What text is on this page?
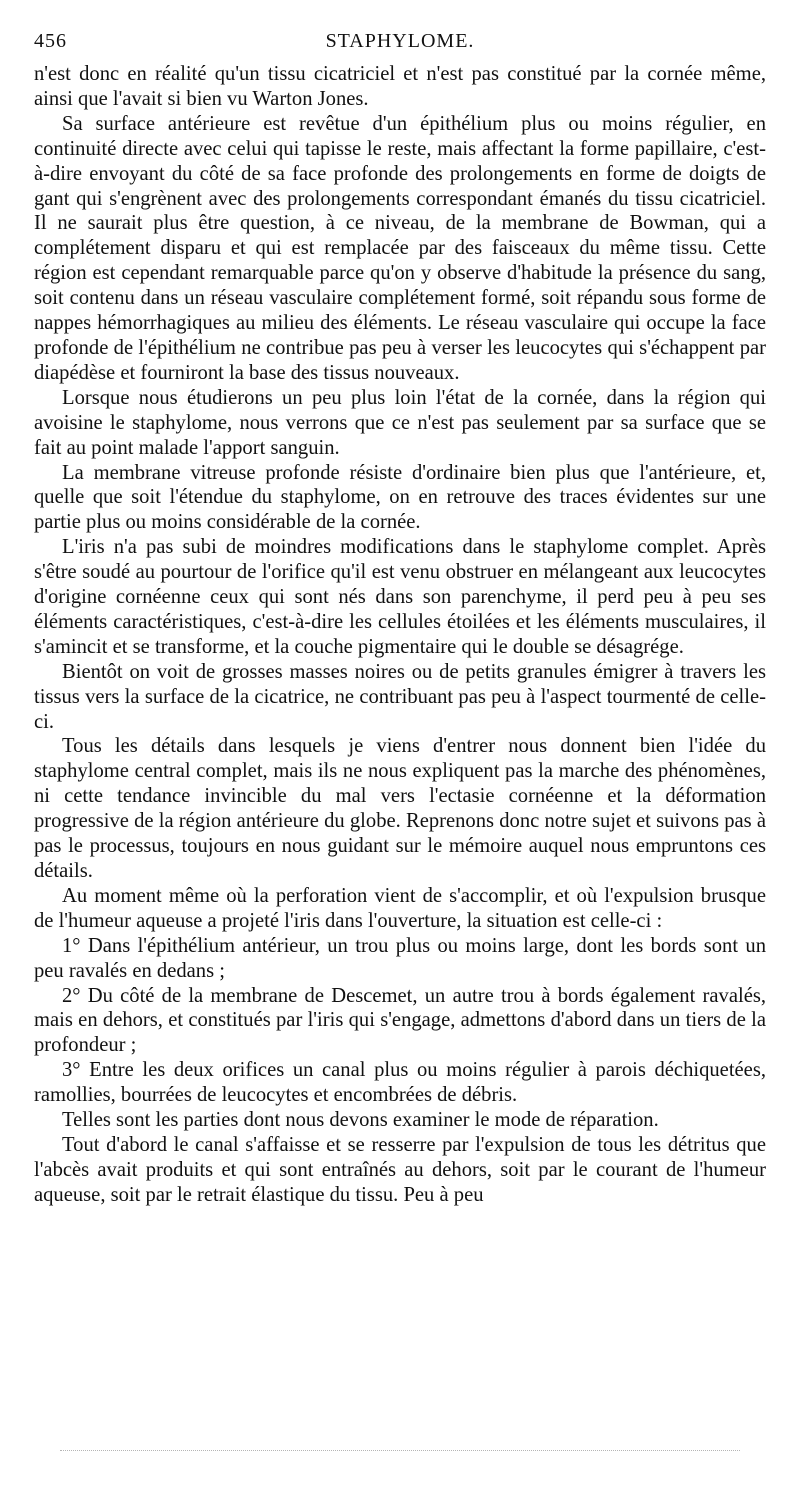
456	STAPHYLOME.

n'est donc en réalité qu'un tissu cicatriciel et n'est pas constitué par la cornée même, ainsi que l'avait si bien vu Warton Jones.

Sa surface antérieure est revêtue d'un épithélium plus ou moins régulier, en continuité directe avec celui qui tapisse le reste, mais affectant la forme papillaire, c'est-à-dire envoyant du côté de sa face profonde des prolongements en forme de doigts de gant qui s'engrènent avec des prolongements correspondant émanés du tissu cicatriciel. Il ne saurait plus être question, à ce niveau, de la membrane de Bowman, qui a complétement disparu et qui est remplacée par des faisceaux du même tissu. Cette région est cependant remarquable parce qu'on y observe d'habitude la présence du sang, soit contenu dans un réseau vasculaire complétement formé, soit répandu sous forme de nappes hémorrhagiques au milieu des éléments. Le réseau vasculaire qui occupe la face profonde de l'épithélium ne contribue pas peu à verser les leucocytes qui s'échappent par diapédèse et fourniront la base des tissus nouveaux.

Lorsque nous étudierons un peu plus loin l'état de la cornée, dans la région qui avoisine le staphylome, nous verrons que ce n'est pas seulement par sa surface que se fait au point malade l'apport sanguin.

La membrane vitreuse profonde résiste d'ordinaire bien plus que l'antérieure, et, quelle que soit l'étendue du staphylome, on en retrouve des traces évidentes sur une partie plus ou moins considérable de la cornée.

L'iris n'a pas subi de moindres modifications dans le staphylome complet. Après s'être soudé au pourtour de l'orifice qu'il est venu obstruer en mélangeant aux leucocytes d'origine cornéenne ceux qui sont nés dans son parenchyme, il perd peu à peu ses éléments caractéristiques, c'est-à-dire les cellules étoilées et les éléments musculaires, il s'amincit et se transforme, et la couche pigmentaire qui le double se désagrége.

Bientôt on voit de grosses masses noires ou de petits granules émigrer à travers les tissus vers la surface de la cicatrice, ne contribuant pas peu à l'aspect tourmenté de celle-ci.

Tous les détails dans lesquels je viens d'entrer nous donnent bien l'idée du staphylome central complet, mais ils ne nous expliquent pas la marche des phénomènes, ni cette tendance invincible du mal vers l'ectasie cornéenne et la déformation progressive de la région antérieure du globe. Reprenons donc notre sujet et suivons pas à pas le processus, toujours en nous guidant sur le mémoire auquel nous empruntons ces détails.

Au moment même où la perforation vient de s'accomplir, et où l'expulsion brusque de l'humeur aqueuse a projeté l'iris dans l'ouverture, la situation est celle-ci :

1° Dans l'épithélium antérieur, un trou plus ou moins large, dont les bords sont un peu ravalés en dedans ;

2° Du côté de la membrane de Descemet, un autre trou à bords également ravalés, mais en dehors, et constitués par l'iris qui s'engage, admettons d'abord dans un tiers de la profondeur ;

3° Entre les deux orifices un canal plus ou moins régulier à parois déchiquetées, ramollies, bourrées de leucocytes et encombrées de débris.

Telles sont les parties dont nous devons examiner le mode de réparation.

Tout d'abord le canal s'affaisse et se resserre par l'expulsion de tous les détritus que l'abcès avait produits et qui sont entraînés au dehors, soit par le courant de l'humeur aqueuse, soit par le retrait élastique du tissu. Peu à peu
